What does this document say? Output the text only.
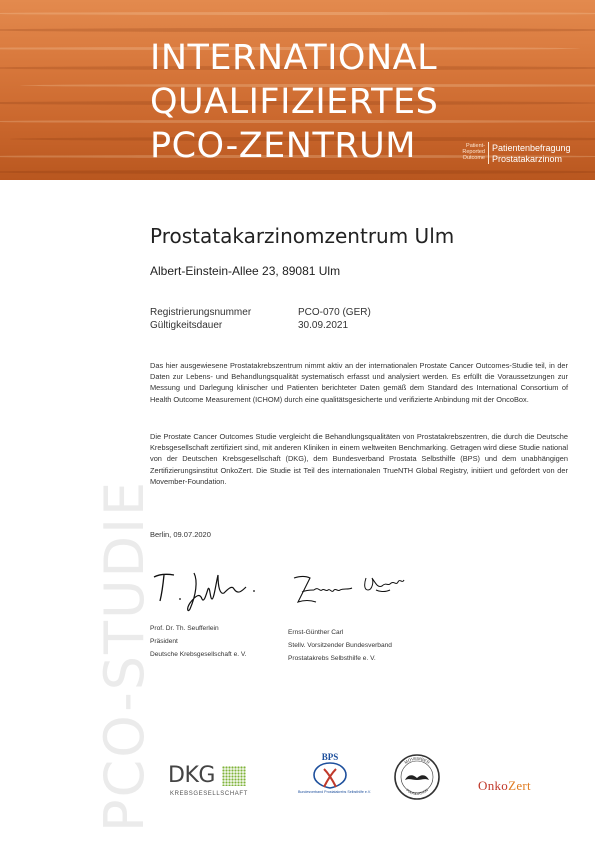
INTERNATIONAL
QUALIFIZIERTES
PCO-ZENTRUM	Patient-
Reported
Outcome
Patientenbefragung
Prostatakarzinom
PCO-STUDIE
Prostatakarzinomzentrum Ulm
Albert-Einstein-Allee 23, 89081 Ulm
Registrierungsnummer	PCO-070 (GER)
Gültigkeitsdauer	30.09.2021
Das hier ausgewiesene Prostatakrebszentrum nimmt aktiv an der internationalen Prostate Cancer Outcomes-Studie teil, in der Daten zur Lebens- und Behandlungsqualität systematisch erfasst und analysiert werden. Es erfüllt die Voraussetzungen zur Messung und Darlegung klinischer und Patienten berichteter Daten gemäß dem Standard des International Consortium of Health Outcome Measurement (ICHOM) durch eine qualitätsgesicherte und verifizierte Anbindung mit der OncoBox.
Die Prostate Cancer Outcomes Studie vergleicht die Behandlungsqualitäten von Prostatakrebszentren, die durch die Deutsche Krebsgesellschaft zertifiziert sind, mit anderen Kliniken in einem weltweiten Benchmarking. Getragen wird diese Studie national von der Deutschen Krebsgesellschaft (DKG), dem Bundesverband Prostata Selbsthilfe (BPS) und dem unabhängigen Zertifizierungsinstitut OnkoZert. Die Studie ist Teil des internationalen TrueNTH Global Registry, initiiert und gefördert von der Movember-Foundation.
Berlin, 09.07.2020
Prof. Dr. Th. Seufferlein
Präsident
Deutsche Krebsgesellschaft e. V.
Ernst-Günther Carl
Stellv. Vorsitzender Bundesverband
Prostatakrebs Selbsthilfe e. V.
DKG
KREBSGESELLSCHAFT
BPS
Bundesverband Prostatakrebs Selbsthilfe e.V.
MOVEMBER
FOUNDATION	OnkoZert
